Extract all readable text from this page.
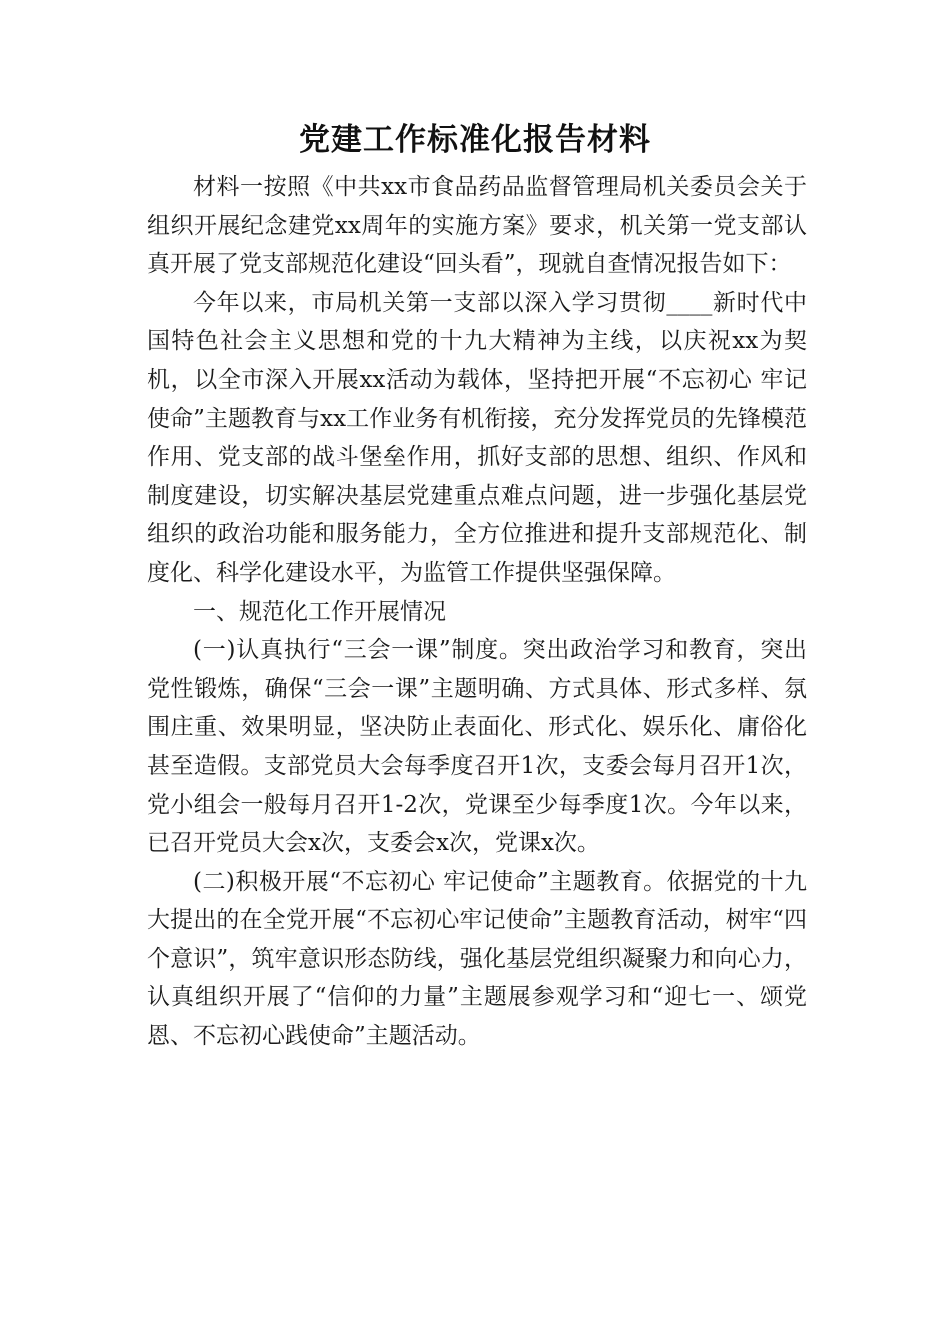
党建工作标准化报告材料

材料一按照《中共xx市食品药品监督管理局机关委员会关于组织开展纪念建党xx周年的实施方案》要求，机关第一党支部认真开展了党支部规范化建设“回头看”，现就自查情况报告如下：

今年以来，市局机关第一支部以深入学习贯彻____新时代中国特色社会主义思想和党的十九大精神为主线，以庆祝xx为契机，以全市深入开展xx活动为载体，坚持把开展“不忘初心 牢记使命”主题教育与xx工作业务有机衔接，充分发挥党员的先锋模范作用、党支部的战斗堡垒作用，抓好支部的思想、组织、作风和制度建设，切实解决基层党建重点难点问题，进一步强化基层党组织的政治功能和服务能力，全方位推进和提升支部规范化、制度化、科学化建设水平，为监管工作提供坚强保障。

一、规范化工作开展情况

(一)认真执行“三会一课”制度。突出政治学习和教育，突出党性锻炼，确保“三会一课”主题明确、方式具体、形式多样、氛围庄重、效果明显，坚决防止表面化、形式化、娱乐化、庸俗化甚至造假。支部党员大会每季度召开1次，支委会每月召开1次，党小组会一般每月召开1-2次，党课至少每季度1次。今年以来，已召开党员大会x次，支委会x次，党课x次。

(二)积极开展“不忘初心 牢记使命”主题教育。依据党的十九大提出的在全党开展“不忘初心牢记使命”主题教育活动，树牢“四个意识”，筑牢意识形态防线，强化基层党组织凝聚力和向心力，认真组织开展了“信仰的力量”主题展参观学习和“迎七一、颂党恩、不忘初心践使命”主题活动。
